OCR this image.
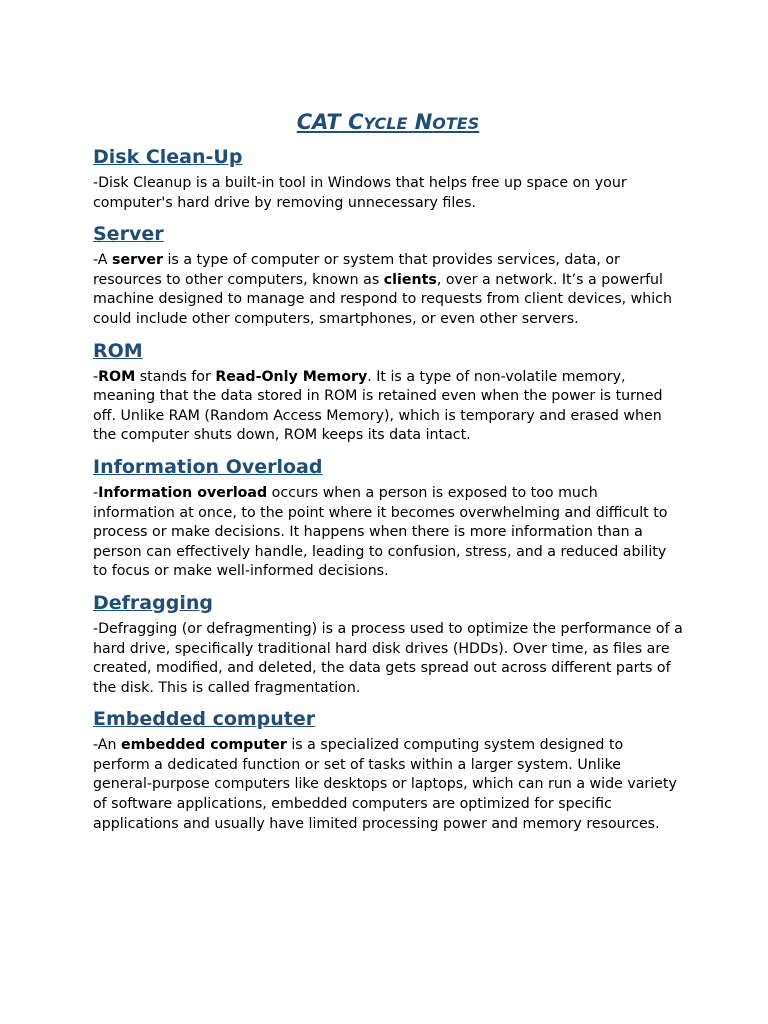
CAT CYCLE NOTES
Disk Clean-Up

-Disk Cleanup is a built-in tool in Windows that helps free up space on your computer's hard drive by removing unnecessary files.

Server

-A server is a type of computer or system that provides services, data, or resources to other computers, known as clients, over a network. It’s a powerful machine designed to manage and respond to requests from client devices, which could include other computers, smartphones, or even other servers.

ROM

-ROM stands for Read-Only Memory. It is a type of non-volatile memory, meaning that the data stored in ROM is retained even when the power is turned off. Unlike RAM (Random Access Memory), which is temporary and erased when the computer shuts down, ROM keeps its data intact.

Information Overload

-Information overload occurs when a person is exposed to too much information at once, to the point where it becomes overwhelming and difficult to process or make decisions. It happens when there is more information than a person can effectively handle, leading to confusion, stress, and a reduced ability to focus or make well-informed decisions.

Defragging

-Defragging (or defragmenting) is a process used to optimize the performance of a hard drive, specifically traditional hard disk drives (HDDs). Over time, as files are created, modified, and deleted, the data gets spread out across different parts of the disk. This is called fragmentation.

Embedded computer

-An embedded computer is a specialized computing system designed to perform a dedicated function or set of tasks within a larger system. Unlike general-purpose computers like desktops or laptops, which can run a wide variety of software applications, embedded computers are optimized for specific applications and usually have limited processing power and memory resources.
